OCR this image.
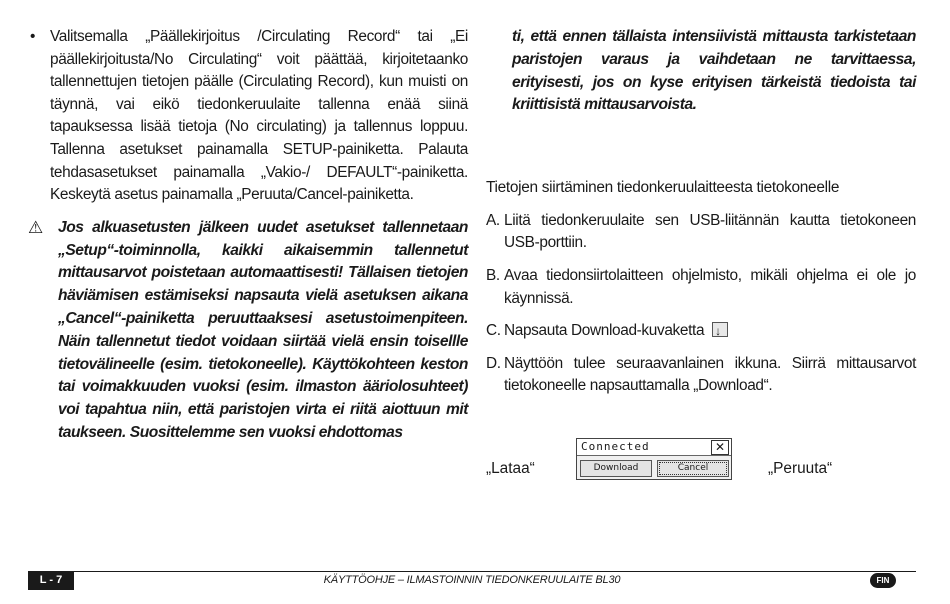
• Valitsemalla „Päällekirjoitus /Circulating Record“ tai „Ei päällekirjoitusta/No Circulating“ voit päättää, kirjoitetaanko tallennettujen tietojen päälle (Circulating Record), kun muisti on täynnä, vai eikö tiedonkeruulaite tallenna enää siinä tapauksessa lisää tietoja (No circulating) ja tallennus loppuu. Tallenna asetukset painamalla SETUP-painiketta. Palauta tehdasasetukset painamalla „Vakio-/ DEFAULT“-painiketta. Keskeytä asetus painamalla „Peruuta/Cancel-painiketta.

⚠ Jos alkuasetusten jälkeen uudet asetukset tallennetaan „Setup“-toiminnolla, kaikki aikaisemmin tallennetut mittausarvot poistetaan automaattisesti! Tällaisen tietojen häviämisen estämiseksi napsauta vielä asetuksen aikana „Cancel“-painiketta peruuttaaksesi asetustoimenpiteen. Näin tallennetut tiedot voidaan siirtää vielä ensin toisellle tietovälineelle (esim. tietokoneelle). Käyttökohteen keston tai voimakkuuden vuoksi (esim. ilmaston ääriolosuhteet) voi tapahtua niin, että paristojen virta ei riitä aiottuun mit taukseen. Suosittelemme sen vuoksi ehdottomas

ti, että ennen tällaista intensiivistä mittausta tarkistetaan paristojen varaus ja vaihdetaan ne tarvittaessa, erityisesti, jos on kyse erityisen tärkeistä tiedoista tai kriittisistä mittausarvoista.

Tietojen siirtäminen tiedonkeruulaitteesta tietokoneelle

A. Liitä tiedonkeruulaite sen USB-liitännän kautta tietokoneen USB-porttiin.
B. Avaa tiedonsiirtolaitteen ohjelmisto, mikäli ohjelma ei ole jo käynnissä.
C. Napsauta Download-kuvaketta↓
D. Näyttöön tulee seuraavanlainen ikkuna. Siirrä mittausarvot tietokoneelle napsauttamalla „Download“.
„Lataa“
Connected	✕
Download	Cancel	„Peruuta“
KÄYTTÖOHJE – ILMASTOINNIN TIEDONKERUULAITE BL30
L - 7	FIN
